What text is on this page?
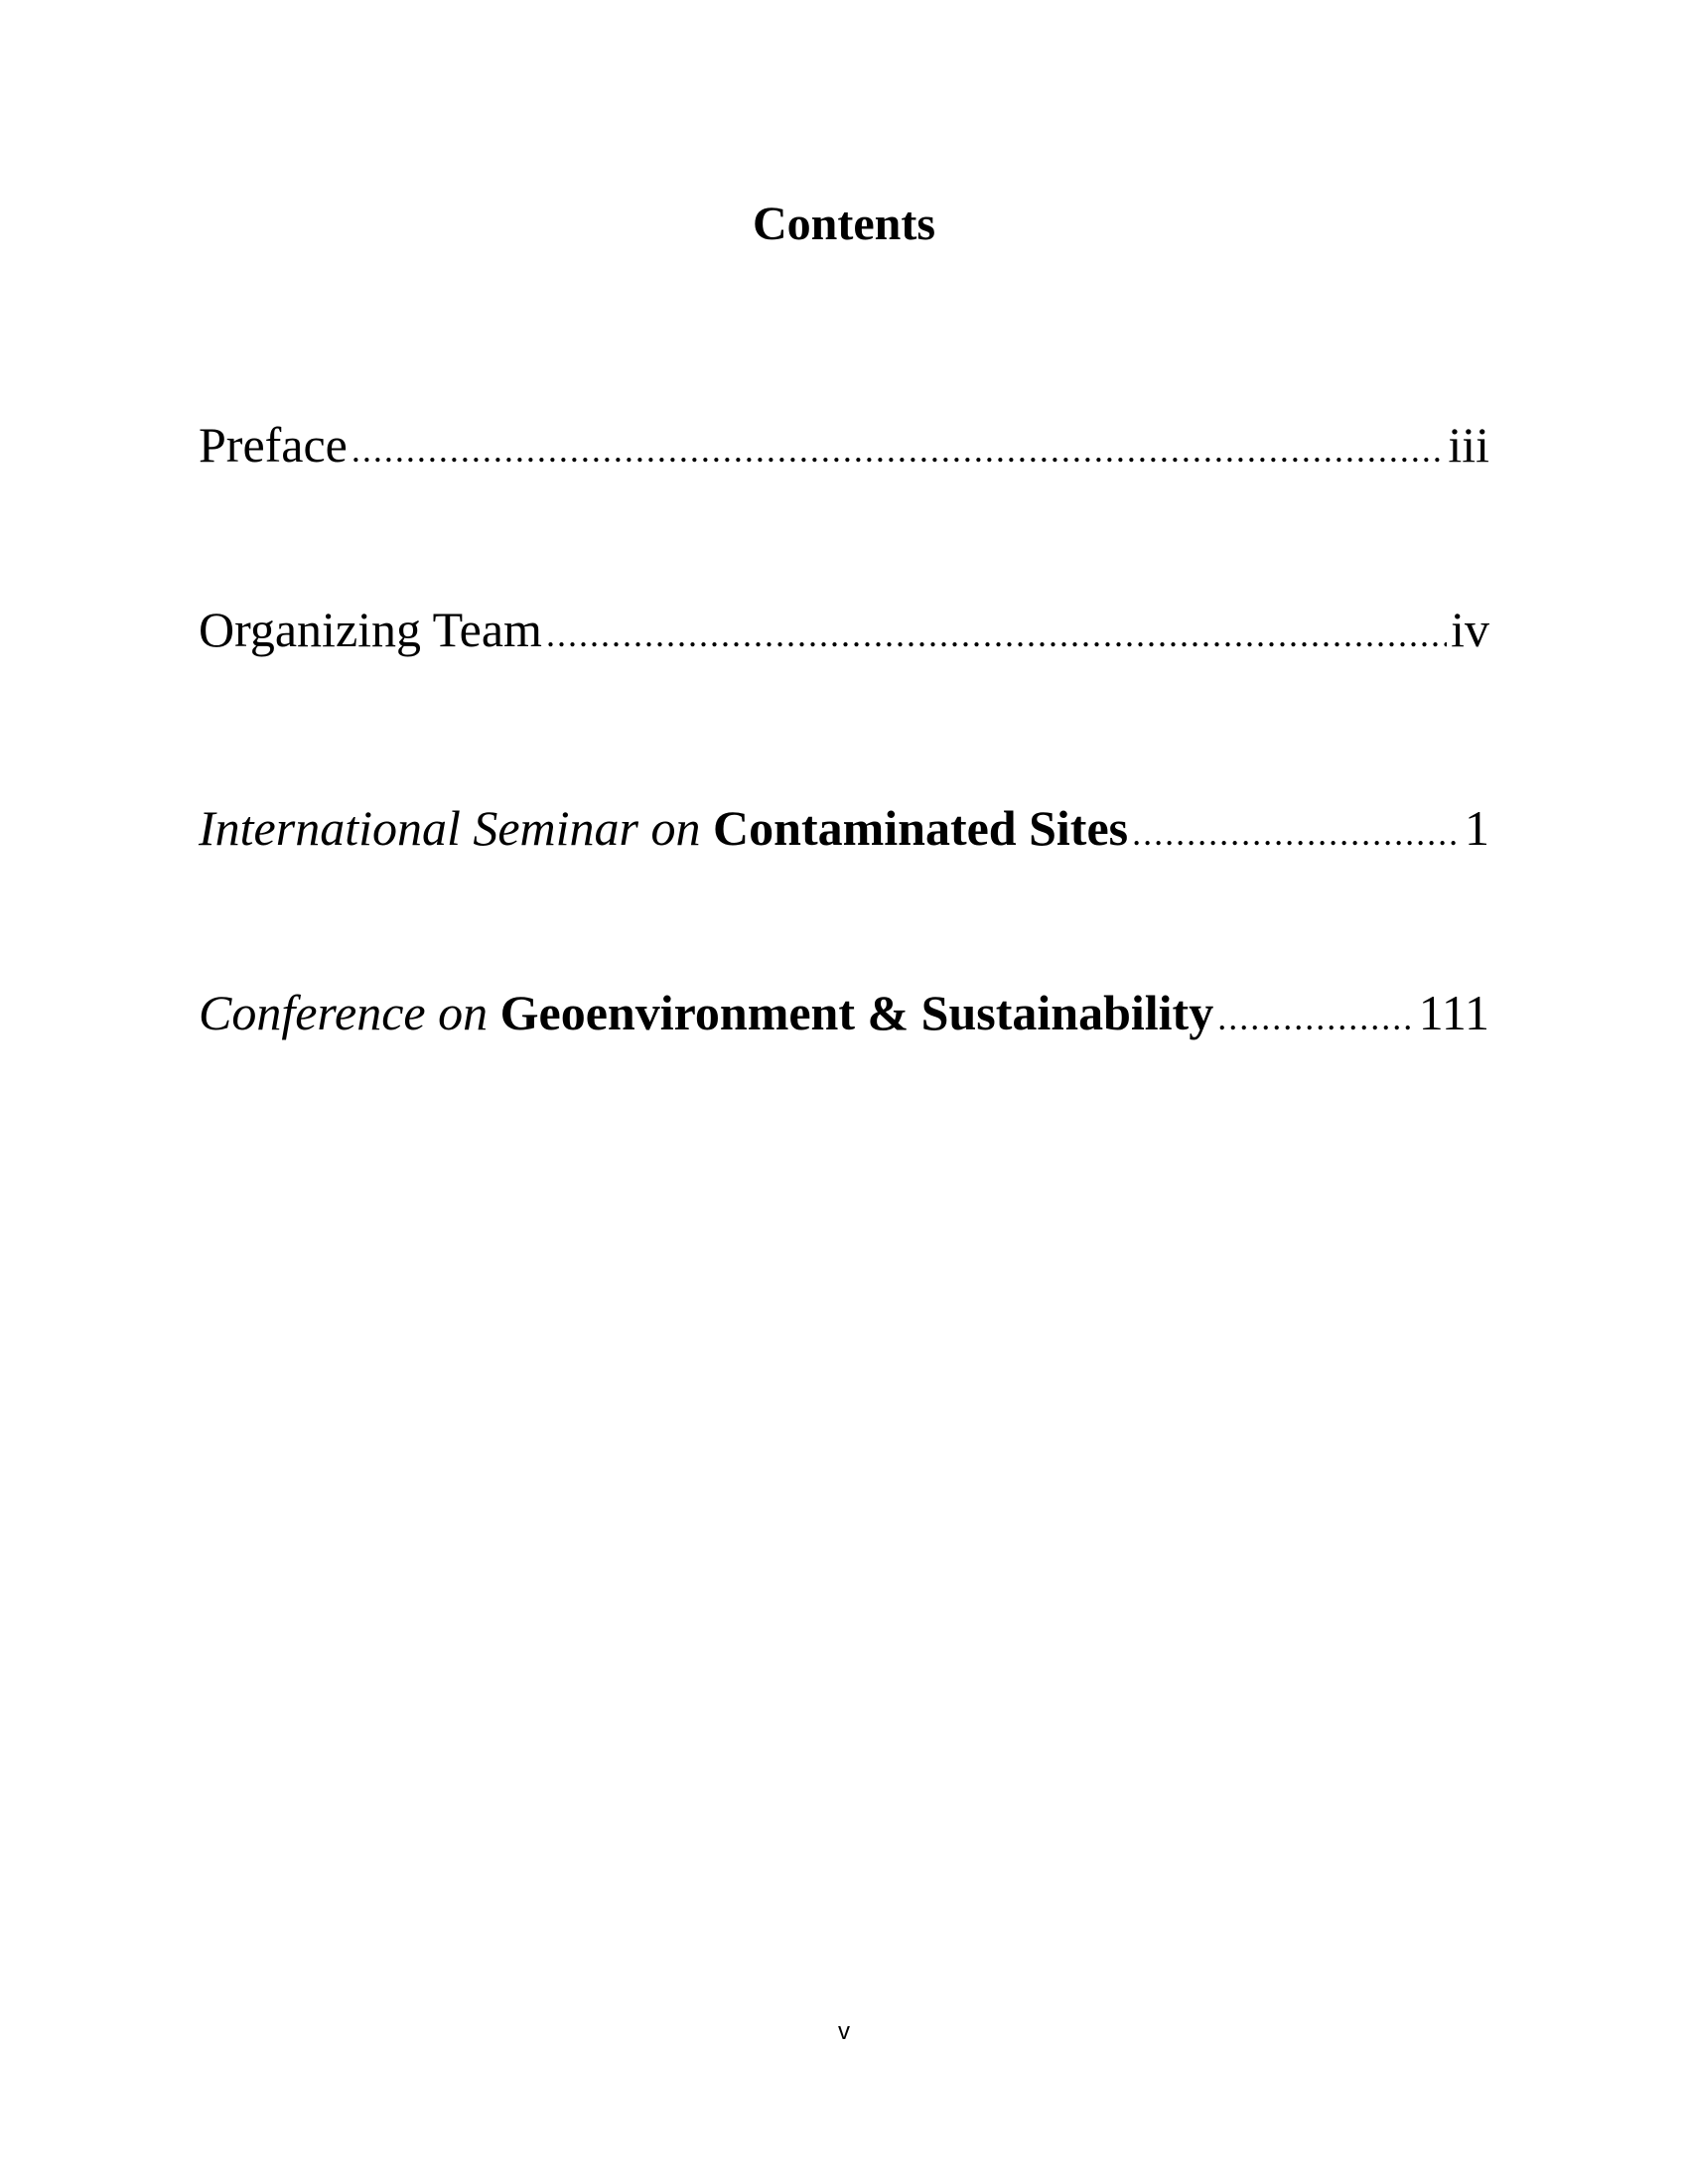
Contents
Preface .....	iii
Organizing Team .....	iv
International Seminar on Contaminated Sites .....	1
Conference on Geoenvironment & Sustainability .....	111
v
